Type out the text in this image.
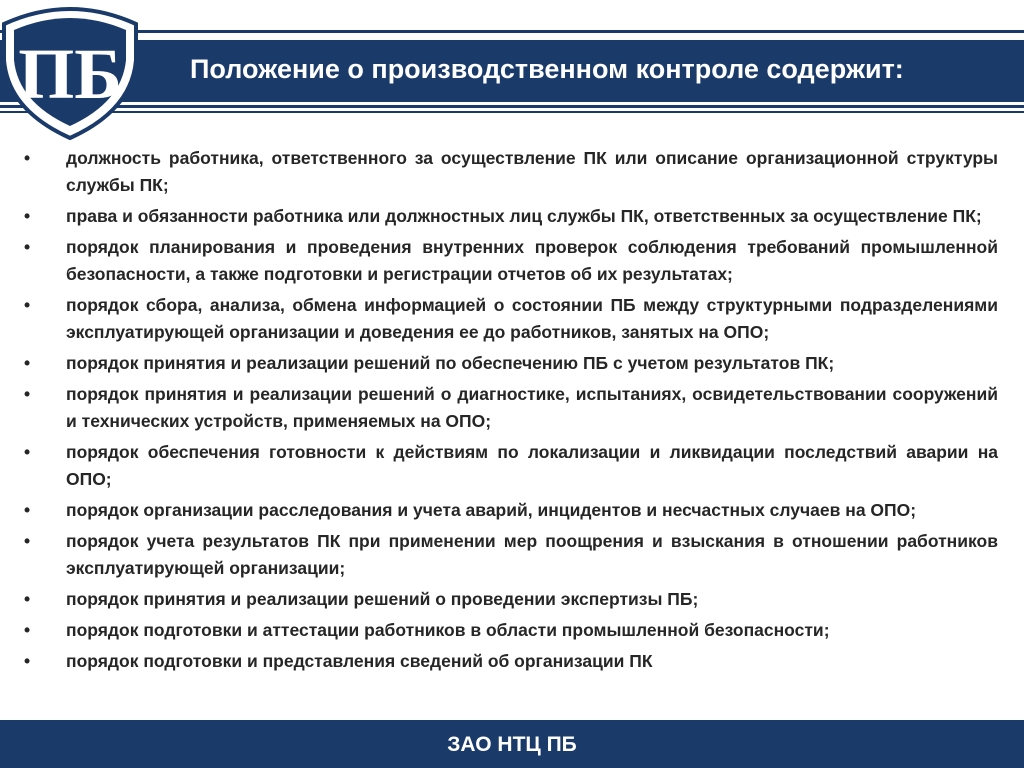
ПБ	Положение о производственном контроле содержит:
•	должность работника, ответственного за осуществление ПК или описание организационной структуры службы ПК;
•	права и обязанности работника или должностных лиц службы ПК, ответственных за осуществление ПК;
•	порядок планирования и проведения внутренних проверок соблюдения требований промышленной безопасности, а также подготовки и регистрации отчетов об их результатах;
•	порядок сбора, анализа, обмена информацией о состоянии ПБ между структурными подразделениями эксплуатирующей организации и доведения ее до работников, занятых на ОПО;
•	порядок принятия и реализации решений по обеспечению ПБ с учетом результатов ПК;
•	порядок принятия и реализации решений о диагностике, испытаниях, освидетельствовании сооружений и технических устройств, применяемых на ОПО;
•	порядок обеспечения готовности к действиям по локализации и ликвидации последствий аварии на ОПО;
•	порядок организации расследования и учета аварий, инцидентов и несчастных случаев на ОПО;
•	порядок учета результатов ПК при применении мер поощрения и взыскания в отношении работников эксплуатирующей организации;
•	порядок принятия и реализации решений о проведении экспертизы ПБ;
•	порядок подготовки и аттестации работников в области промышленной безопасности;
•	порядок подготовки и представления сведений об организации ПК
ЗАО НТЦ ПБ
